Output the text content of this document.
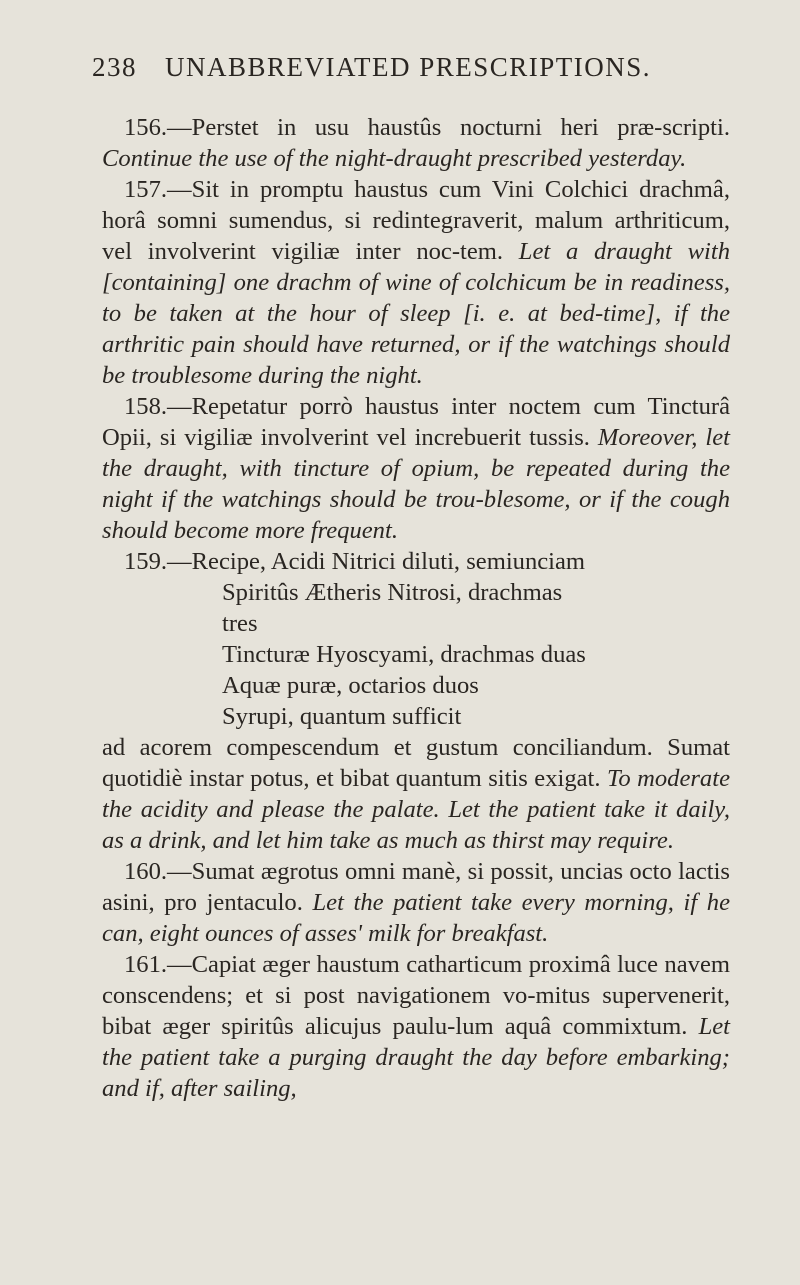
238 UNABBREVIATED PRESCRIPTIONS.

156.—Perstet in usu haustûs nocturni heri præ-scripti. Continue the use of the night-draught prescribed yesterday.

157.—Sit in promptu haustus cum Vini Colchici drachmâ, horâ somni sumendus, si redintegraverit, malum arthriticum, vel involverint vigiliæ inter noc-tem. Let a draught with [containing] one drachm of wine of colchicum be in readiness, to be taken at the hour of sleep [i. e. at bed-time], if the arthritic pain should have returned, or if the watchings should be troublesome during the night.

158.—Repetatur porrò haustus inter noctem cum Tincturâ Opii, si vigiliæ involverint vel increbuerit tussis. Moreover, let the draught, with tincture of opium, be repeated during the night if the watchings should be trou-blesome, or if the cough should become more frequent.

159.—Recipe, Acidi Nitrici diluti, semiunciam

Spiritûs Ætheris Nitrosi, drachmas
tres
Tincturæ Hyoscyami, drachmas duas
Aquæ puræ, octarios duos
Syrupi, quantum sufficit

ad acorem compescendum et gustum conciliandum. Sumat quotidiè instar potus, et bibat quantum sitis exigat. To moderate the acidity and please the palate. Let the patient take it daily, as a drink, and let him take as much as thirst may require.

160.—Sumat ægrotus omni manè, si possit, uncias octo lactis asini, pro jentaculo. Let the patient take every morning, if he can, eight ounces of asses' milk for breakfast.

161.—Capiat æger haustum catharticum proximâ luce navem conscendens; et si post navigationem vo-mitus supervenerit, bibat æger spiritûs alicujus paulu-lum aquâ commixtum. Let the patient take a purging draught the day before embarking; and if, after sailing,
